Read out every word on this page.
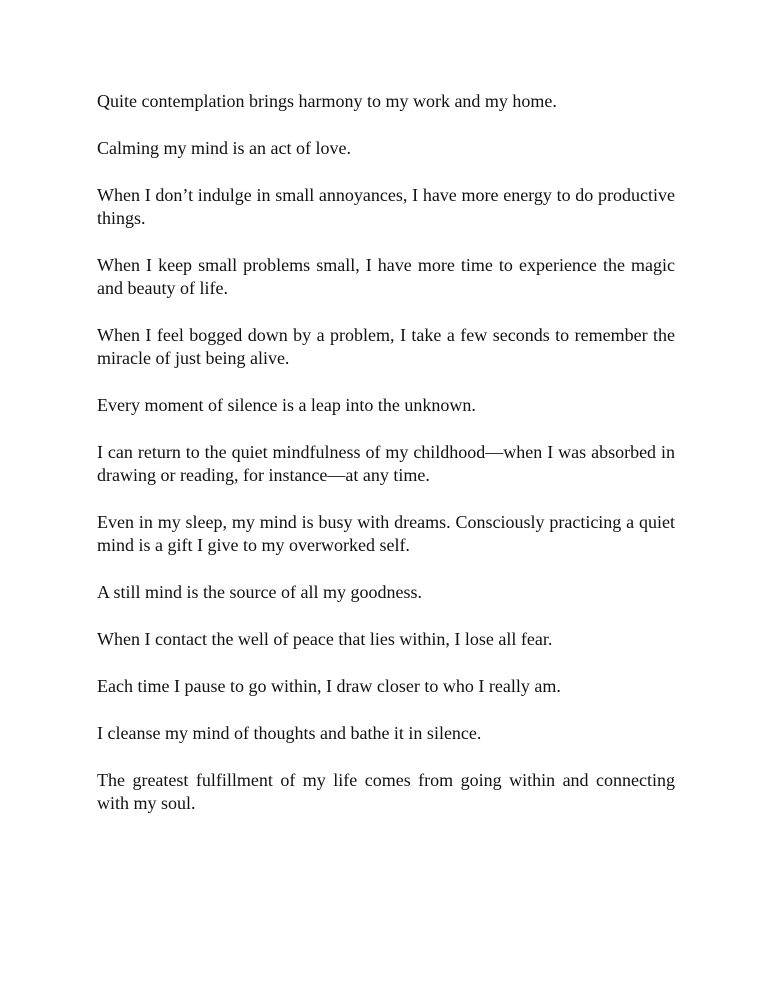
Quite contemplation brings harmony to my work and my home.

Calming my mind is an act of love.

When I don’t indulge in small annoyances, I have more energy to do productive things.

When I keep small problems small, I have more time to experience the magic and beauty of life.

When I feel bogged down by a problem, I take a few seconds to remember the miracle of just being alive.

Every moment of silence is a leap into the unknown.

I can return to the quiet mindfulness of my childhood—when I was absorbed in drawing or reading, for instance—at any time.

Even in my sleep, my mind is busy with dreams. Consciously practicing a quiet mind is a gift I give to my overworked self.

A still mind is the source of all my goodness.

When I contact the well of peace that lies within, I lose all fear.

Each time I pause to go within, I draw closer to who I really am.

I cleanse my mind of thoughts and bathe it in silence.

The greatest fulfillment of my life comes from going within and connecting with my soul.
